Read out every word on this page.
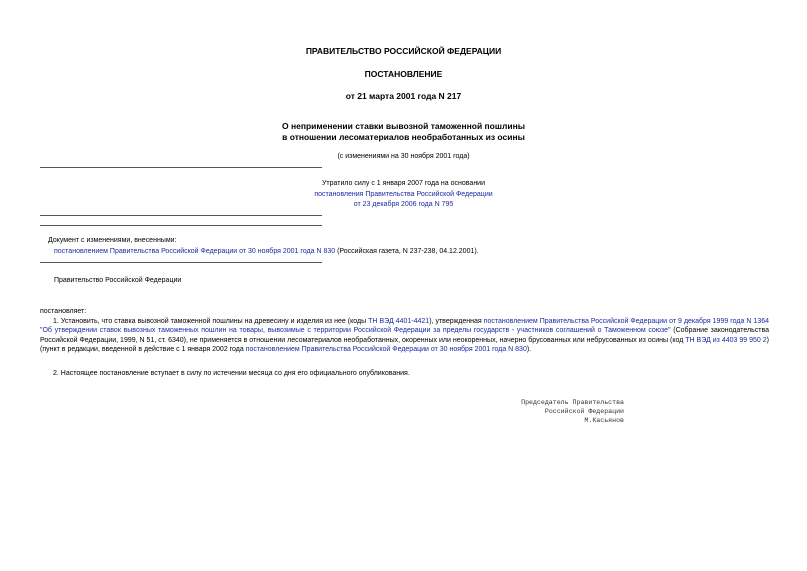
ПРАВИТЕЛЬСТВО РОССИЙСКОЙ ФЕДЕРАЦИИ
ПОСТАНОВЛЕНИЕ
от 21 марта 2001 года N 217
О неприменении ставки вывозной таможенной пошлины
в отношении лесоматериалов необработанных из осины
(с изменениями на 30 ноября 2001 года)
Утратило силу с 1 января 2007 года на основании
постановления Правительства Российской Федерации
от 23 декабря 2006 года N 795
Документ с изменениями, внесенными:
постановлением Правительства Российской Федерации от 30 ноября 2001 года N 830 (Российская газета, N 237-238, 04.12.2001).
Правительство Российской Федерации
постановляет:
1. Установить, что ставка вывозной таможенной пошлины на древесину и изделия из нее (коды ТН ВЭД 4401-4421), утвержденная постановлением Правительства Российской Федерации от 9 декабря 1999 года N 1364 "Об утверждении ставок вывозных таможенных пошлин на товары, вывозимые с территории Российской Федерации за пределы государств - участников соглашений о Таможенном союзе" (Собрание законодательства Российской Федерации, 1999, N 51, ст. 6340), не применяется в отношении лесоматериалов необработанных, окоренных или неокоренных, начерно брусованных или небрусованных из осины (код ТН ВЭД из 4403 99 950 2) (пункт в редакции, введенной в действие с 1 января 2002 года постановлением Правительства Российской Федерации от 30 ноября 2001 года N 830).
2. Настоящее постановление вступает в силу по истечении месяца со дня его официального опубликования.
Председатель Правительства
Российской Федерации
М.Касьянов
